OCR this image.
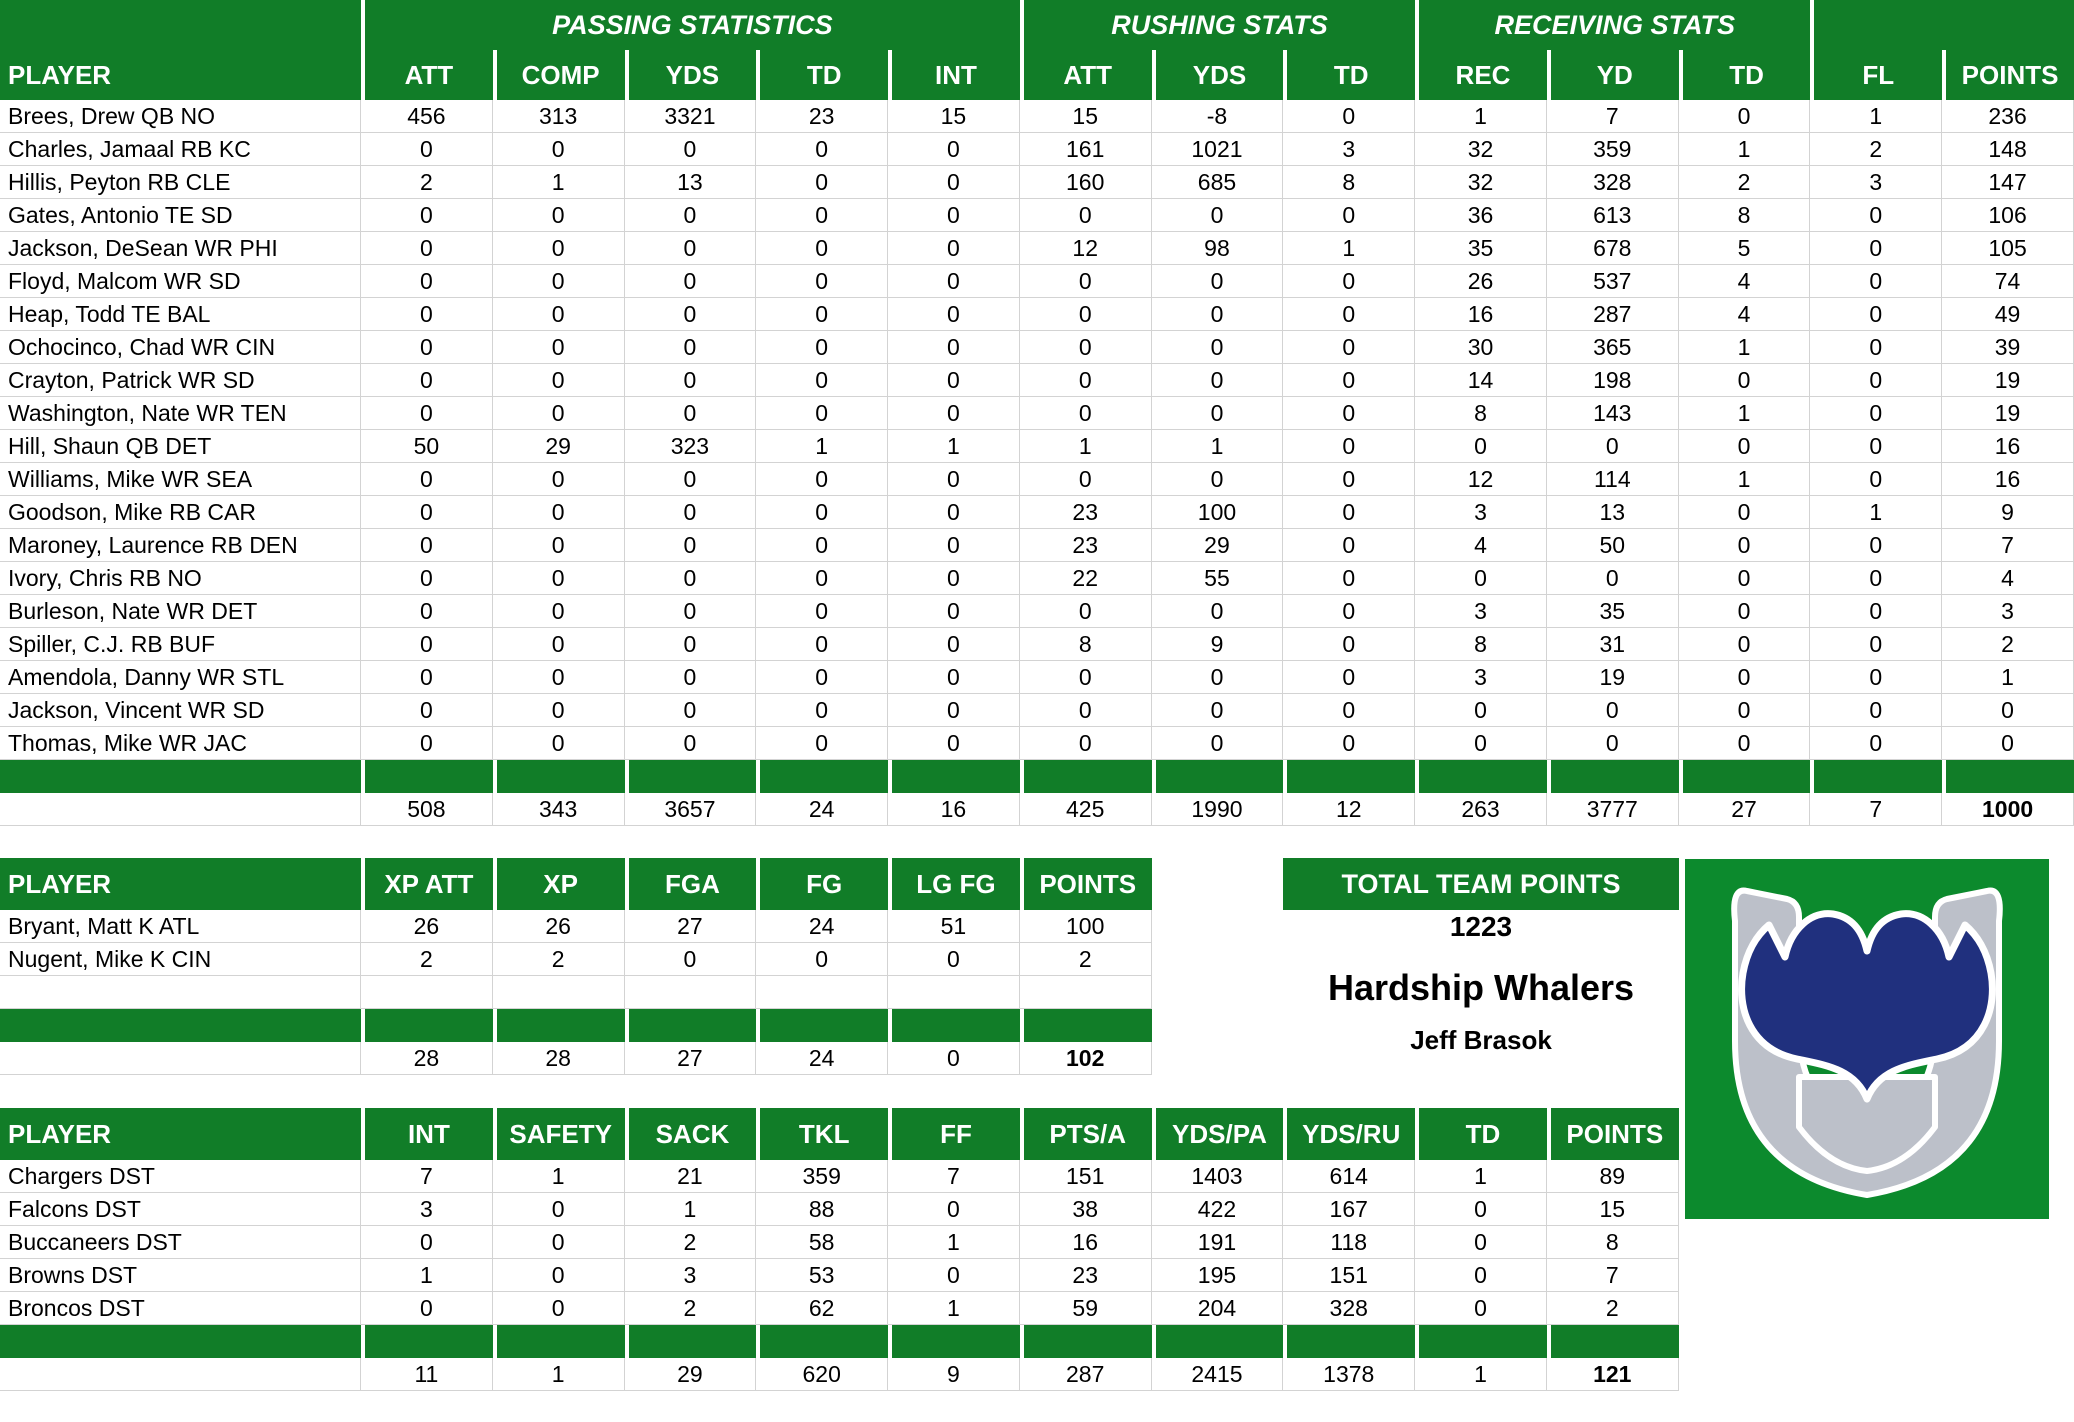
PASSING STATISTICS	RUSHING STATS	RECEIVING STATS
PLAYER	ATT	COMP	YDS	TD	INT	ATT	YDS	TD	REC	YD	TD	FL	POINTS
Brees, Drew QB NO	456	313	3321	23	15	15	-8	0	1	7	0	1	236
Charles, Jamaal RB KC	0	0	0	0	0	161	1021	3	32	359	1	2	148
Hillis, Peyton RB CLE	2	1	13	0	0	160	685	8	32	328	2	3	147
Gates, Antonio TE SD	0	0	0	0	0	0	0	0	36	613	8	0	106
Jackson, DeSean WR PHI	0	0	0	0	0	12	98	1	35	678	5	0	105
Floyd, Malcom WR SD	0	0	0	0	0	0	0	0	26	537	4	0	74
Heap, Todd TE BAL	0	0	0	0	0	0	0	0	16	287	4	0	49
Ochocinco, Chad WR CIN	0	0	0	0	0	0	0	0	30	365	1	0	39
Crayton, Patrick WR SD	0	0	0	0	0	0	0	0	14	198	0	0	19
Washington, Nate WR TEN	0	0	0	0	0	0	0	0	8	143	1	0	19
Hill, Shaun QB DET	50	29	323	1	1	1	1	0	0	0	0	0	16
Williams, Mike WR SEA	0	0	0	0	0	0	0	0	12	114	1	0	16
Goodson, Mike RB CAR	0	0	0	0	0	23	100	0	3	13	0	1	9
Maroney, Laurence RB DEN	0	0	0	0	0	23	29	0	4	50	0	0	7
Ivory, Chris RB NO	0	0	0	0	0	22	55	0	0	0	0	0	4
Burleson, Nate WR DET	0	0	0	0	0	0	0	0	3	35	0	0	3
Spiller, C.J. RB BUF	0	0	0	0	0	8	9	0	8	31	0	0	2
Amendola, Danny WR STL	0	0	0	0	0	0	0	0	3	19	0	0	1
Jackson, Vincent WR SD	0	0	0	0	0	0	0	0	0	0	0	0	0
Thomas, Mike WR JAC	0	0	0	0	0	0	0	0	0	0	0	0	0
508	343	3657	24	16	425	1990	12	263	3777	27	7	1000
PLAYER	XP ATT	XP	FGA	FG	LG FG	POINTS
Bryant, Matt K ATL	26	26	27	24	51	100
Nugent, Mike K CIN	2	2	0	0	0	2
28	28	27	24	0	102
PLAYER	INT	SAFETY	SACK	TKL	FF	PTS/A	YDS/PA	YDS/RU	TD	POINTS
Chargers DST	7	1	21	359	7	151	1403	614	1	89
Falcons DST	3	0	1	88	0	38	422	167	0	15
Buccaneers DST	0	0	2	58	1	16	191	118	0	8
Browns DST	1	0	3	53	0	23	195	151	0	7
Broncos DST	0	0	2	62	1	59	204	328	0	2
11	1	29	620	9	287	2415	1378	1	121
TOTAL TEAM POINTS
1223
Hardship Whalers
Jeff Brasok
